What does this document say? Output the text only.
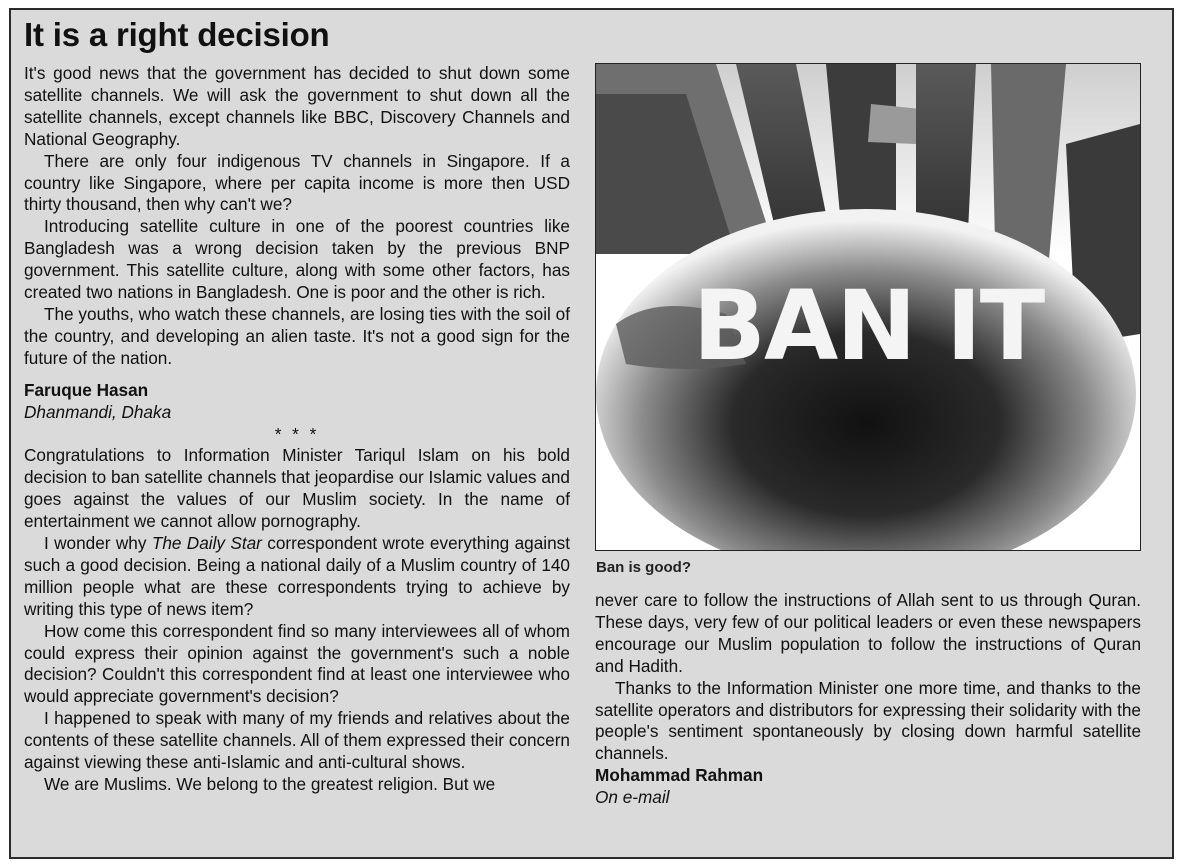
It is a right decision

It's good news that the government has decided to shut down some satellite channels. We will ask the government to shut down all the satellite channels, except channels like BBC, Discovery Channels and National Geography.

There are only four indigenous TV channels in Singapore. If a country like Singapore, where per capita income is more then USD thirty thousand, then why can't we?

Introducing satellite culture in one of the poorest countries like Bangladesh was a wrong decision taken by the previous BNP government. This satellite culture, along with some other factors, has created two nations in Bangladesh. One is poor and the other is rich.

The youths, who watch these channels, are losing ties with the soil of the country, and developing an alien taste. It's not a good sign for the future of the nation.

Faruque Hasan

Dhanmandi, Dhaka

* * *

Congratulations to Information Minister Tariqul Islam on his bold decision to ban satellite channels that jeopardise our Islamic values and goes against the values of our Muslim society. In the name of entertainment we cannot allow pornography.

I wonder why The Daily Star correspondent wrote everything against such a good decision. Being a national daily of a Muslim country of 140 million people what are these correspondents trying to achieve by writing this type of news item?

How come this correspondent find so many interviewees all of whom could express their opinion against the government's such a noble decision? Couldn't this correspondent find at least one interviewee who would appreciate government's decision?

I happened to speak with many of my friends and relatives about the contents of these satellite channels. All of them expressed their concern against viewing these anti-Islamic and anti-cultural shows.

We are Muslims. We belong to the greatest religion. But we

BAN IT
Ban is good?

never care to follow the instructions of Allah sent to us through Quran. These days, very few of our political leaders or even these newspapers encourage our Muslim population to follow the instructions of Quran and Hadith.

Thanks to the Information Minister one more time, and thanks to the satellite operators and distributors for expressing their solidarity with the people's sentiment spontaneously by closing down harmful satellite channels.

Mohammad Rahman

On e-mail
